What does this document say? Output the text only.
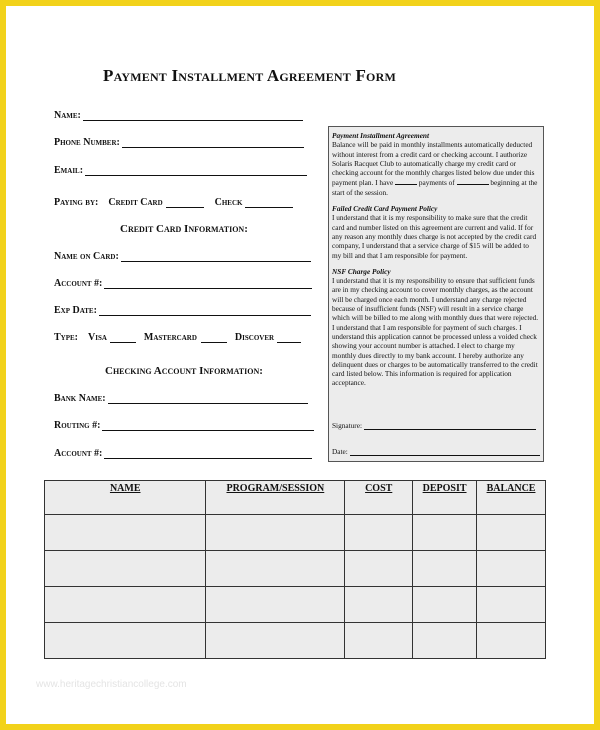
Payment Installment Agreement Form
Name:
Phone Number:
Email:
Paying by: Credit Card	Check
Credit Card Information:
Name on Card:
Account #:
Exp Date:
Type: Visa	Mastercard	Discover
Checking Account Information:
Bank Name:
Routing #:
Account #:
Payment Installment Agreement

Balance will be paid in monthly installments automatically deducted without interest from a credit card or checking account. I authorize Solaris Racquet Club to automatically charge my credit card or checking account for the monthly charges listed below due under this payment plan. I have	payments of	beginning at the start of the session.

Failed Credit Card Payment Policy

I understand that it is my responsibility to make sure that the credit card and number listed on this agreement are current and valid. If for any reason any monthly dues charge is not accepted by the credit card company, I understand that a service charge of $15 will be added to my bill and that I am responsible for payment.

NSF Charge Policy

I understand that it is my responsibility to ensure that sufficient funds are in my checking account to cover monthly charges, as the account will be charged once each month. I understand any charge rejected because of insufficient funds (NSF) will result in a service charge which will be billed to me along with monthly dues that were rejected. I understand that I am responsible for payment of such charges. I understand this application cannot be processed unless a voided check showing your account number is attached. I elect to charge my monthly dues directly to my bank account. I hereby authorize any delinquent dues or charges to be automatically transferred to the credit card listed below. This information is required for application acceptance.

Signature:
Date:
NAME	PROGRAM/SESSION	COST	DEPOSIT	BALANCE

www.heritagechristiancollege.com
